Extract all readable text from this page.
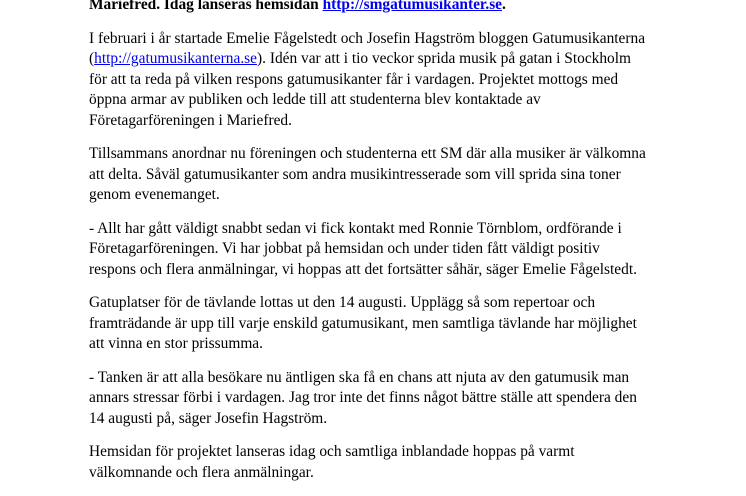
Mariefred. Idag lanseras hemsidan http://smgatumusikanter.se.

I februari i år startade Emelie Fågelstedt och Josefin Hagström bloggen Gatumusikanterna (http://gatumusikanterna.se). Idén var att i tio veckor sprida musik på gatan i Stockholm för att ta reda på vilken respons gatumusikanter får i vardagen. Projektet mottogs med öppna armar av publiken och ledde till att studenterna blev kontaktade av Företagarföreningen i Mariefred.

Tillsammans anordnar nu föreningen och studenterna ett SM där alla musiker är välkomna att delta. Såväl gatumusikanter som andra musikintresserade som vill sprida sina toner genom evenemanget.

- Allt har gått väldigt snabbt sedan vi fick kontakt med Ronnie Törnblom, ordförande i Företagarföreningen. Vi har jobbat på hemsidan och under tiden fått väldigt positiv respons och flera anmälningar, vi hoppas att det fortsätter såhär, säger Emelie Fågelstedt.

Gatuplatser för de tävlande lottas ut den 14 augusti. Upplägg så som repertoar och framträdande är upp till varje enskild gatumusikant, men samtliga tävlande har möjlighet att vinna en stor prissumma.

- Tanken är att alla besökare nu äntligen ska få en chans att njuta av den gatumusik man annars stressar förbi i vardagen. Jag tror inte det finns något bättre ställe att spendera den 14 augusti på, säger Josefin Hagström.

Hemsidan för projektet lanseras idag och samtliga inblandade hoppas på varmt välkomnande och flera anmälningar.
